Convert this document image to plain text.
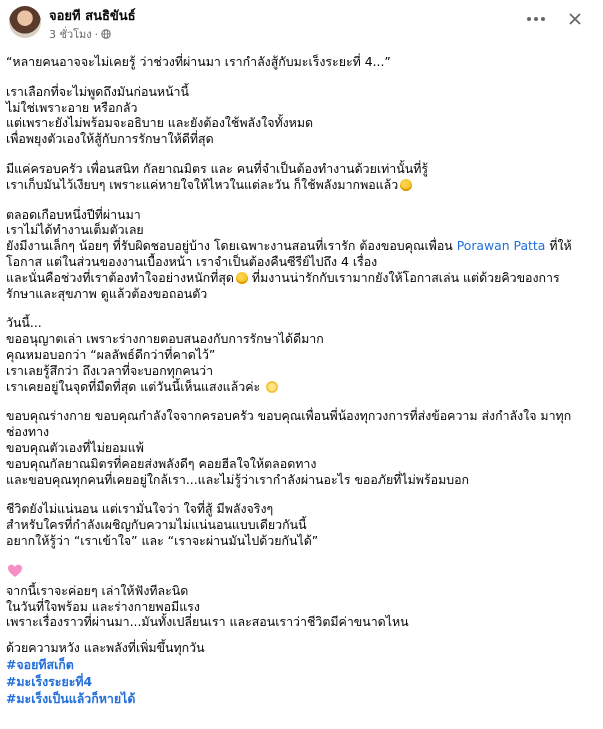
จอยที สนธิขันธ์
3 ชั่วโมง ·
“หลายคนอาจจะไม่เคยรู้ ว่าช่วงที่ผ่านมา เรากำลังสู้กับมะเร็งระยะที่ 4...”
เราเลือกที่จะไม่พูดถึงมันก่อนหน้านี้
ไม่ใช่เพราะอาย หรือกลัว
แต่เพราะยังไม่พร้อมจะอธิบาย และยังต้องใช้พลังใจทั้งหมด
เพื่อพยุงตัวเองให้สู้กับการรักษาให้ดีที่สุด
มีแค่ครอบครัว เพื่อนสนิท กัลยาณมิตร และ คนที่จำเป็นต้องทำงานด้วยเท่านั้นที่รู้
เราเก็บมันไว้เงียบๆ เพราะแค่หายใจให้ไหวในแต่ละวัน ก็ใช้พลังมากพอแล้ว
ตลอดเกือบหนึ่งปีที่ผ่านมา
เราไม่ได้ทำงานเต็มตัวเลย
ยังมีงานเล็กๆ น้อยๆ ที่รับผิดชอบอยู่บ้าง โดยเฉพาะงานสอนที่เรารัก ต้องขอบคุณเพื่อน Porawan Patta ที่ให้
โอกาส แต่ในส่วนของงานเบื้องหน้า เราจำเป็นต้องคืนซีรีย์ไปถึง 4 เรื่อง
และนั่นคือช่วงที่เราต้องทำใจอย่างหนักที่สุด ที่มงานน่ารักกับเรามากยังให้โอกาสเล่น แต่ด้วยคิวของการ
รักษาและสุขภาพ ดูแล้วต้องขอถอนตัว
วันนี้...
ขออนุญาตเล่า เพราะร่างกายตอบสนองกับการรักษาได้ดีมาก
คุณหมอบอกว่า “ผลลัพธ์ดีกว่าที่คาดไว้”
เราเลยรู้สึกว่า ถึงเวลาที่จะบอกทุกคนว่า
เราเคยอยู่ในจุดที่มืดที่สุด แต่วันนี้เห็นแสงแล้วค่ะ
ขอบคุณร่างกาย ขอบคุณกำลังใจจากครอบครัว ขอบคุณเพื่อนพี่น้องทุกวงการที่ส่งข้อความ ส่งกำลังใจ มาทุก
ช่องทาง
ขอบคุณตัวเองที่ไม่ยอมแพ้
ขอบคุณกัลยาณมิตรที่คอยส่งพลังดีๆ คอยฮีลใจให้ตลอดทาง
และขอบคุณทุกคนที่เคยอยู่ใกล้เรา...และไม่รู้ว่าเรากำลังผ่านอะไร ขออภัยที่ไม่พร้อมบอก
ชีวิตยังไม่แน่นอน แต่เรามั่นใจว่า ใจที่สู้ มีพลังจริงๆ
สำหรับใครที่กำลังเผชิญกับความไม่แน่นอนแบบเดียวกันนี้
อยากให้รู้ว่า “เราเข้าใจ” และ “เราจะผ่านมันไปด้วยกันได้”
จากนี้เราจะค่อยๆ เล่าให้ฟังทีละนิด
ในวันที่ใจพร้อม และร่างกายพอมีแรง
เพราะเรื่องราวที่ผ่านมา...มันทั้งเปลี่ยนเรา และสอนเราว่าชีวิตมีค่าขนาดไหน
ด้วยความหวัง และพลังที่เพิ่มขึ้นทุกวัน
#จอยทีสเก็ต
#มะเร็งระยะที่4
#มะเร็งเป็นแล้วก็หายได้
